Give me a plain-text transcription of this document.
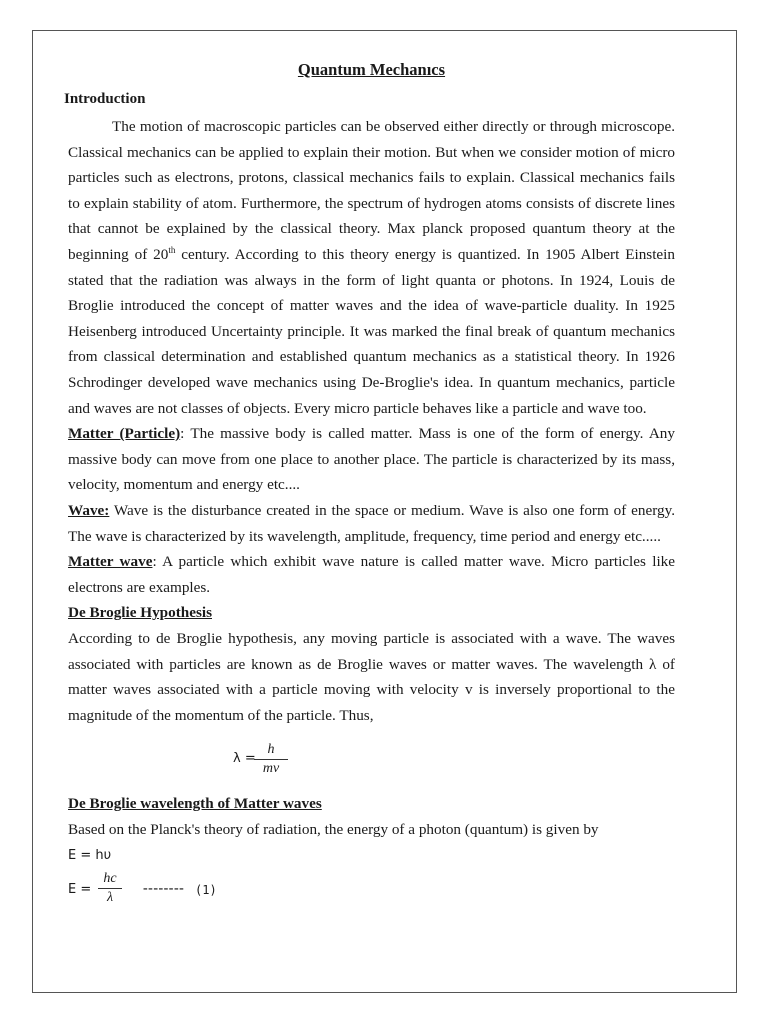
Quantum Mechanıcs
Introduction

The motion of macroscopic particles can be observed either directly or through microscope. Classical mechanics can be applied to explain their motion. But when we consider motion of micro particles such as electrons, protons, classical mechanics fails to explain. Classical mechanics fails to explain stability of atom. Furthermore, the spectrum of hydrogen atoms consists of discrete lines that cannot be explained by the classical theory. Max planck proposed quantum theory at the beginning of 20th century. According to this theory energy is quantized. In 1905 Albert Einstein stated that the radiation was always in the form of light quanta or photons. In 1924, Louis de Broglie introduced the concept of matter waves and the idea of wave-particle duality. In 1925 Heisenberg introduced Uncertainty principle. It was marked the final break of quantum mechanics from classical determination and established quantum mechanics as a statistical theory. In 1926 Schrodinger developed wave mechanics using De-Broglie's idea. In quantum mechanics, particle and waves are not classes of objects. Every micro particle behaves like a particle and wave too.

Matter (Particle): The massive body is called matter. Mass is one of the form of energy. Any massive body can move from one place to another place. The particle is characterized by its mass, velocity, momentum and energy etc....

Wave: Wave is the disturbance created in the space or medium. Wave is also one form of energy. The wave is characterized by its wavelength, amplitude, frequency, time period and energy etc.....

Matter wave: A particle which exhibit wave nature is called matter wave. Micro particles like electrons are examples.

De Broglie Hypothesis

According to de Broglie hypothesis, any moving particle is associated with a wave. The waves associated with particles are known as de Broglie waves or matter waves. The wavelength λ of matter waves associated with a particle moving with velocity v is inversely proportional to the magnitude of the momentum of the particle. Thus,

λ =
h
mv
De Broglie wavelength of Matter waves

Based on the Planck's theory of radiation, the energy of a photon (quantum) is given by

E = hυ
E =
hc
λ
-------- (1)
